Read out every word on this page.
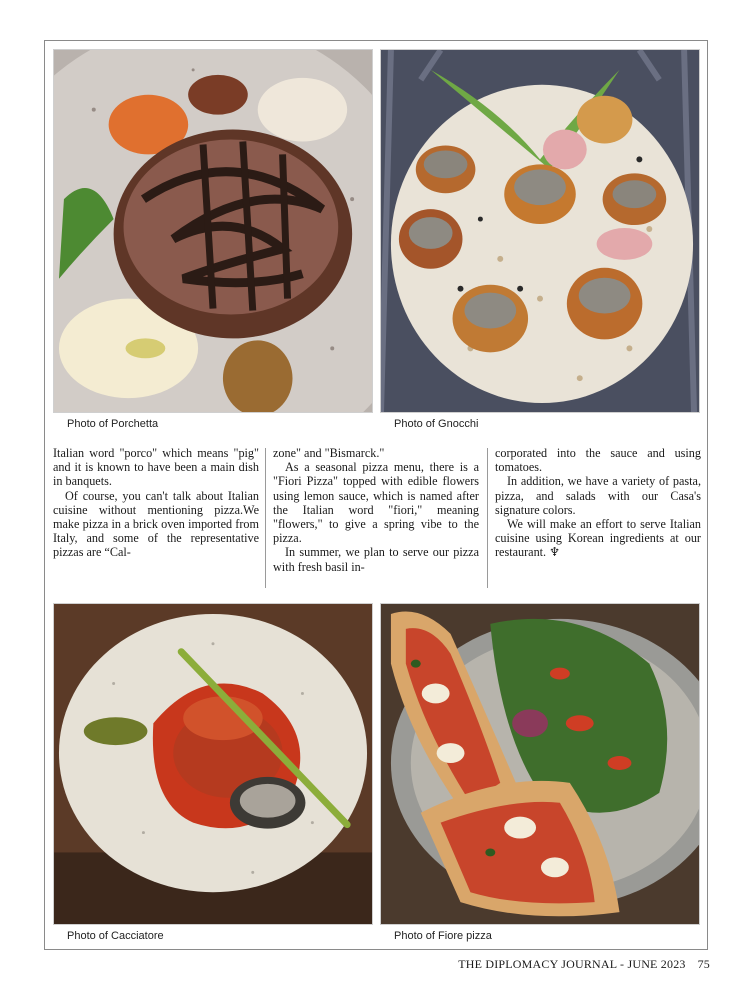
Photo of Porchetta	Photo of Gnocchi

Italian word "porco" which means "pig" and it is known to have been a main dish in banquets.

Of course, you can't talk about Italian cuisine without mentioning pizza.We make pizza in a brick oven imported from Italy, and some of the representative pizzas are “Cal-

zone" and "Bismarck."

As a seasonal pizza menu, there is a "Fiori Pizza" topped with edible flowers using lemon sauce, which is named after the Italian word "fiori," meaning "flowers," to give a spring vibe to the pizza.

In summer, we plan to serve our pizza with fresh basil in-

corporated into the sauce and using tomatoes.

In addition, we have a variety of pasta, pizza, and salads with our Casa's signature colors.

We will make an effort to serve Italian cuisine using Korean ingredients at our restaurant. ♆

Photo of Cacciatore	Photo of Fiore pizza
THE DIPLOMACY JOURNAL - JUNE 2023 75
